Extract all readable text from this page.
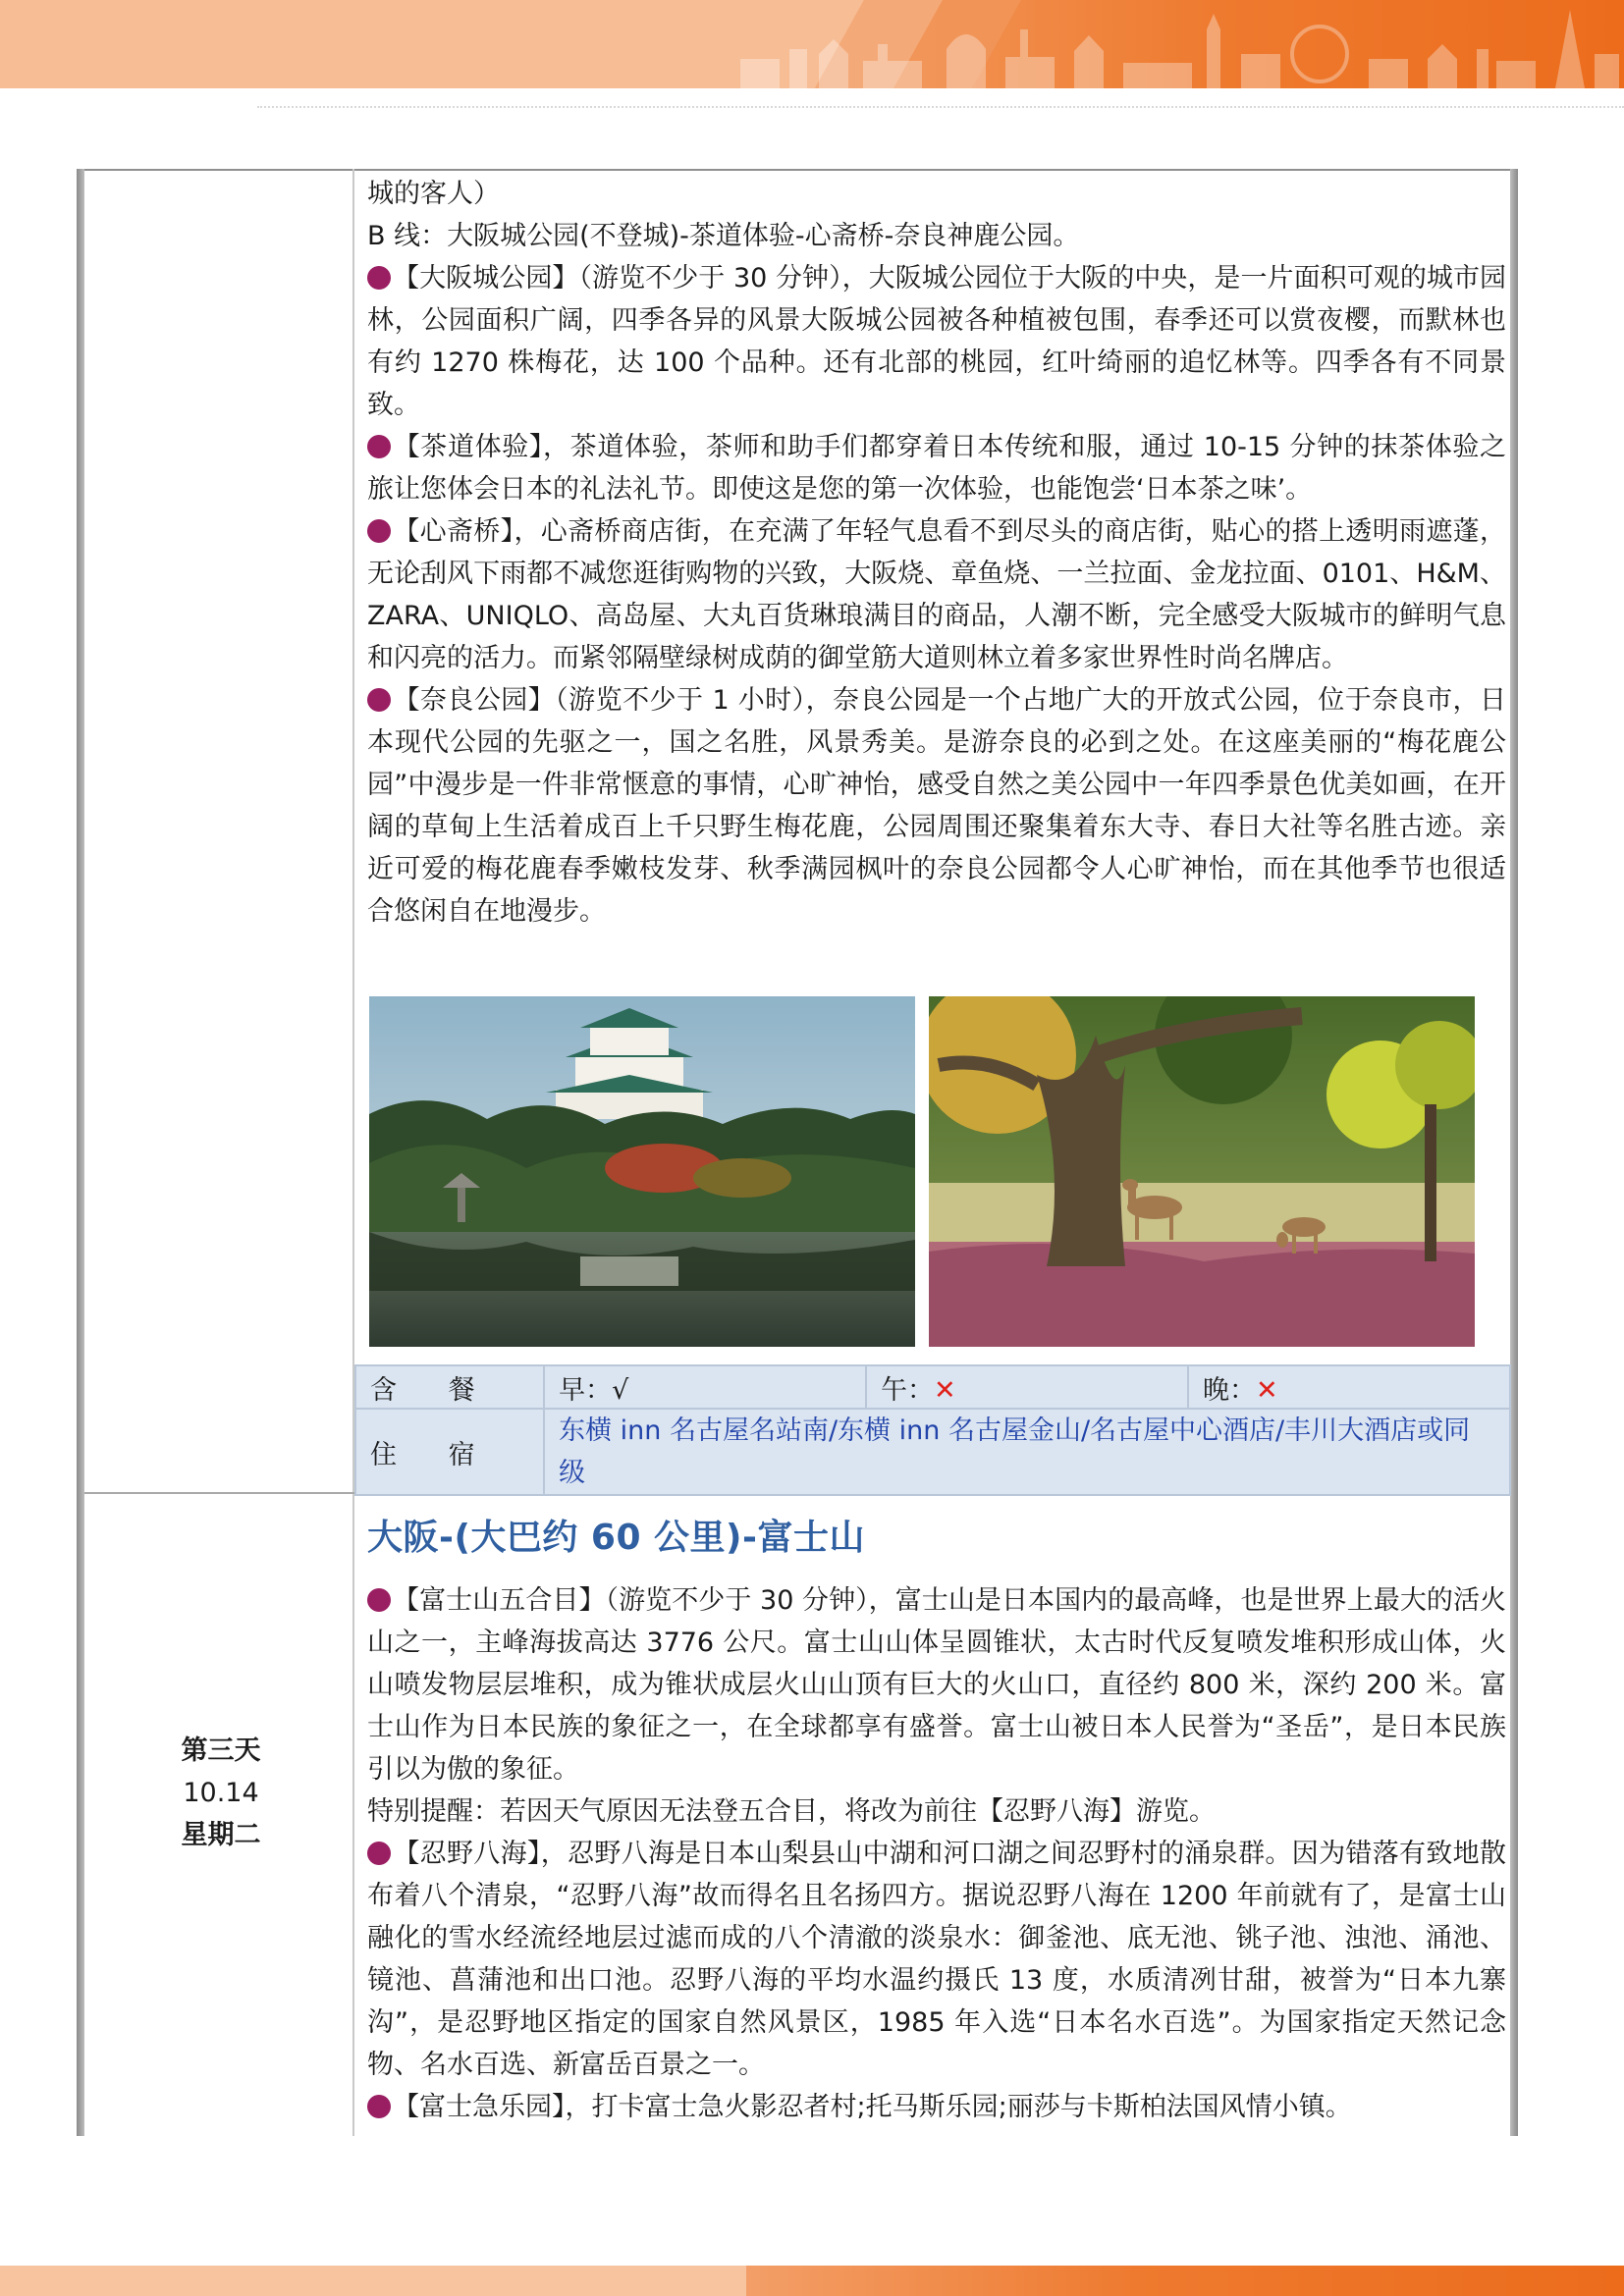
城的客人）

B 线：大阪城公园(不登城)-茶道体验-心斋桥-奈良神鹿公园。

【大阪城公园】（游览不少于 30 分钟），大阪城公园位于大阪的中央，是一片面积可观的城市园林，公园面积广阔，四季各异的风景大阪城公园被各种植被包围，春季还可以赏夜樱，而默林也有约 1270 株梅花，达 100 个品种。还有北部的桃园，红叶绮丽的追忆林等。四季各有不同景致。

【茶道体验】，茶道体验，茶师和助手们都穿着日本传统和服，通过 10-15 分钟的抹茶体验之旅让您体会日本的礼法礼节。即使这是您的第一次体验，也能饱尝‘日本茶之味’。

【心斋桥】，心斋桥商店街，在充满了年轻气息看不到尽头的商店街，贴心的搭上透明雨遮蓬，无论刮风下雨都不减您逛街购物的兴致，大阪烧、章鱼烧、一兰拉面、金龙拉面、0101、H&M、ZARA、UNIQLO、高岛屋、大丸百货琳琅满目的商品，人潮不断，完全感受大阪城市的鲜明气息和闪亮的活力。而紧邻隔壁绿树成荫的御堂筋大道则林立着多家世界性时尚名牌店。

【奈良公园】（游览不少于 1 小时），奈良公园是一个占地广大的开放式公园，位于奈良市，日本现代公园的先驱之一，国之名胜，风景秀美。是游奈良的必到之处。在这座美丽的“梅花鹿公园”中漫步是一件非常惬意的事情，心旷神怡，感受自然之美公园中一年四季景色优美如画，在开阔的草甸上生活着成百上千只野生梅花鹿，公园周围还聚集着东大寺、春日大社等名胜古迹。亲近可爱的梅花鹿春季嫩枝发芽、秋季满园枫叶的奈良公园都令人心旷神怡，而在其他季节也很适合悠闲自在地漫步。

含 餐	早：√	午：✕	晚：✕
住 宿	东横 inn 名古屋名站南/东横 inn 名古屋金山/名古屋中心酒店/丰川大酒店或同级		
第三天
10.14
星期二
大阪-(大巴约 60 公里)-富士山

【富士山五合目】（游览不少于 30 分钟），富士山是日本国内的最高峰，也是世界上最大的活火山之一，主峰海拔高达 3776 公尺。富士山山体呈圆锥状，太古时代反复喷发堆积形成山体，火山喷发物层层堆积，成为锥状成层火山山顶有巨大的火山口，直径约 800 米，深约 200 米。富士山作为日本民族的象征之一，在全球都享有盛誉。富士山被日本人民誉为“圣岳”，是日本民族引以为傲的象征。

特别提醒：若因天气原因无法登五合目，将改为前往【忍野八海】游览。

【忍野八海】，忍野八海是日本山梨县山中湖和河口湖之间忍野村的涌泉群。因为错落有致地散布着八个清泉，“忍野八海”故而得名且名扬四方。据说忍野八海在 1200 年前就有了，是富士山融化的雪水经流经地层过滤而成的八个清澈的淡泉水：御釜池、底无池、铫子池、浊池、涌池、镜池、菖蒲池和出口池。忍野八海的平均水温约摄氏 13 度，水质清冽甘甜，被誉为“日本九寨沟”，是忍野地区指定的国家自然风景区，1985 年入选“日本名水百选”。为国家指定天然记念物、名水百选、新富岳百景之一。

【富士急乐园】，打卡富士急火影忍者村;托马斯乐园;丽莎与卡斯柏法国风情小镇。
